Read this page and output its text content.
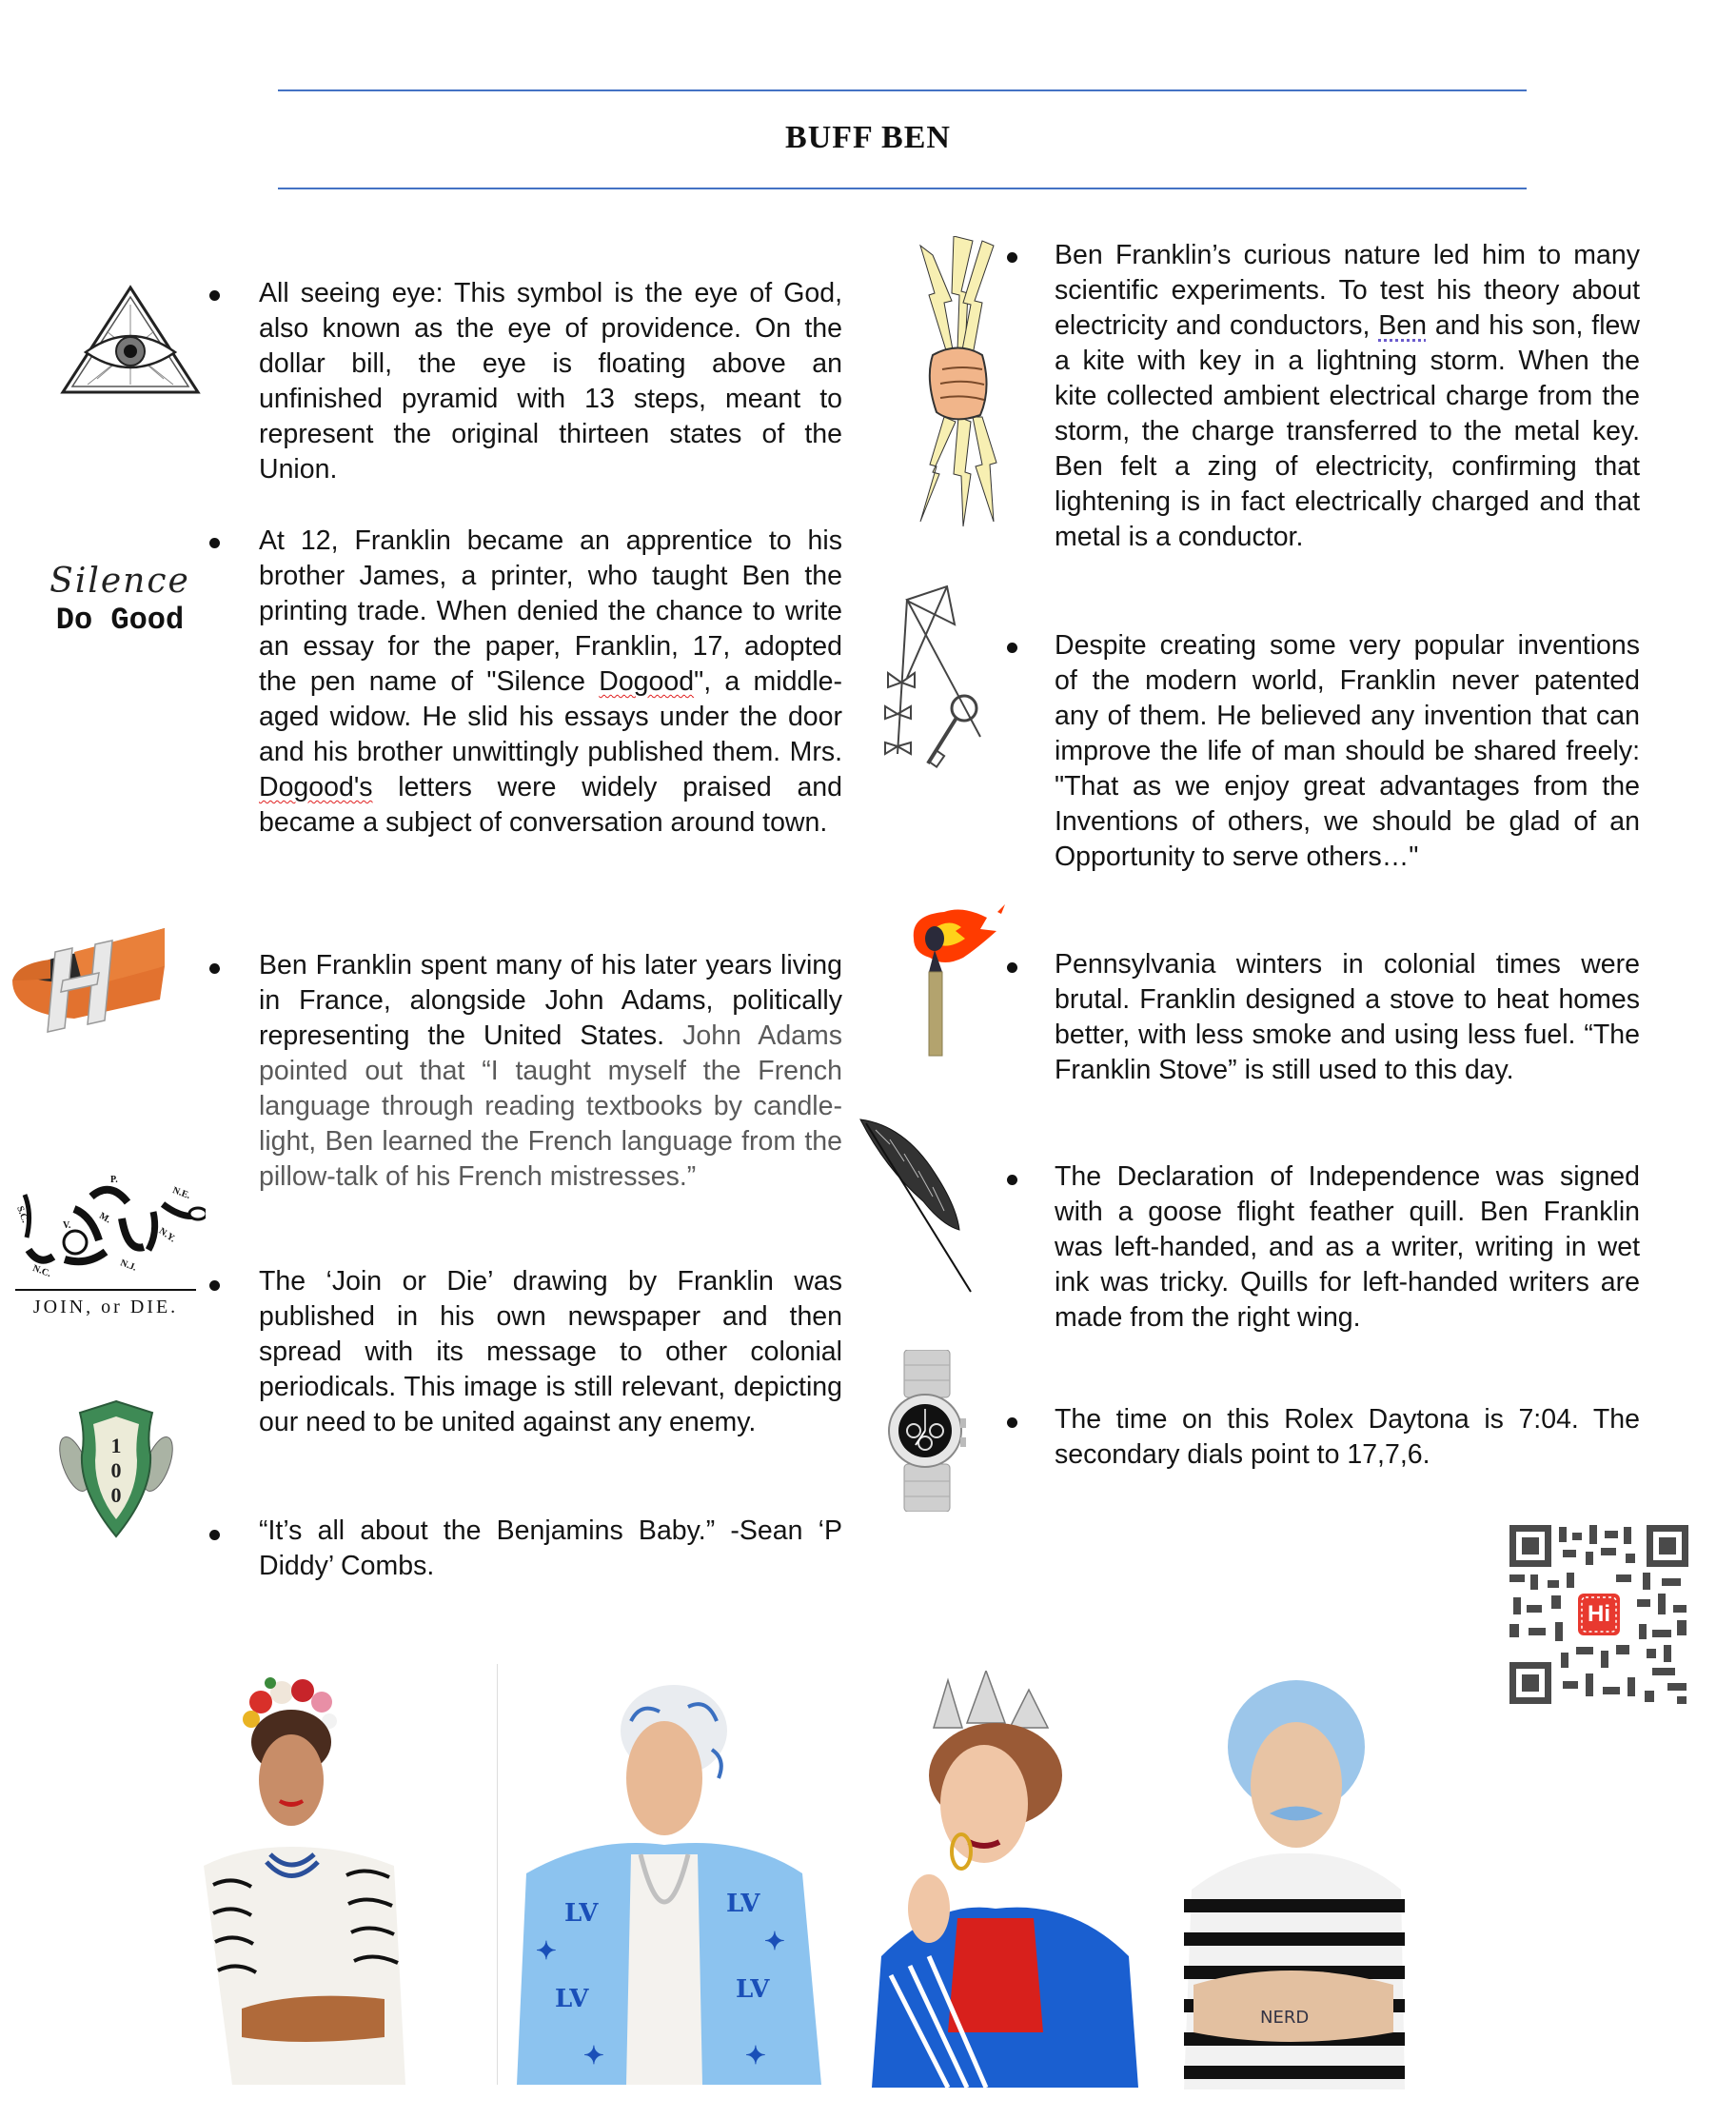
BUFF BEN
All seeing eye: This symbol is the eye of God, also known as the eye of providence. On the dollar bill, the eye is floating above an unfinished pyramid with 13 steps, meant to represent the original thirteen states of the Union.
Silence
Do Good
At 12, Franklin became an apprentice to his brother James, a printer, who taught Ben the printing trade. When denied the chance to write an essay for the paper, Franklin, 17, adopted the pen name of "Silence Dogood", a middle-aged widow. He slid his essays under the door and his brother unwittingly published them. Mrs. Dogood's letters were widely praised and became a subject of conversation around town.
Ben Franklin spent many of his later years living in France, alongside John Adams, politically representing the United States. John Adams pointed out that “I taught myself the French language through reading textbooks by candle-light, Ben learned the French language from the pillow-talk of his French mistresses.”
S.C.
N.C.
V.
M.
P.
N.J.
N.Y.
N.E.
JOIN, or DIE.
The ‘Join or Die’ drawing by Franklin was published in his own newspaper and then spread with its message to other colonial periodicals. This image is still relevant, depicting our need to be united against any enemy.
1
0
0
“It’s all about the Benjamins Baby.” -Sean ‘P Diddy’ Combs.
Ben Franklin’s curious nature led him to many scientific experiments. To test his theory about electricity and conductors, Ben and his son, flew a kite with key in a lightning storm. When the kite collected ambient electrical charge from the storm, the charge transferred to the metal key. Ben felt a zing of electricity, confirming that lightening is in fact electrically charged and that metal is a conductor.
Despite creating some very popular inventions of the modern world, Franklin never patented any of them. He believed any invention that can improve the life of man should be shared freely: "That as we enjoy great advantages from the Inventions of others, we should be glad of an Opportunity to serve others…"
Pennsylvania winters in colonial times were brutal. Franklin designed a stove to heat homes better, with less smoke and using less fuel. “The Franklin Stove” is still used to this day.
The Declaration of Independence was signed with a goose flight feather quill. Ben Franklin was left-handed, and as a writer, writing in wet ink was tricky. Quills for left-handed writers are made from the right wing.
The time on this Rolex Daytona is 7:04. The secondary dials point to 17,7,6.
Hi
LV	LV
LV	LV
✦	✦
✦	✦
NERD
